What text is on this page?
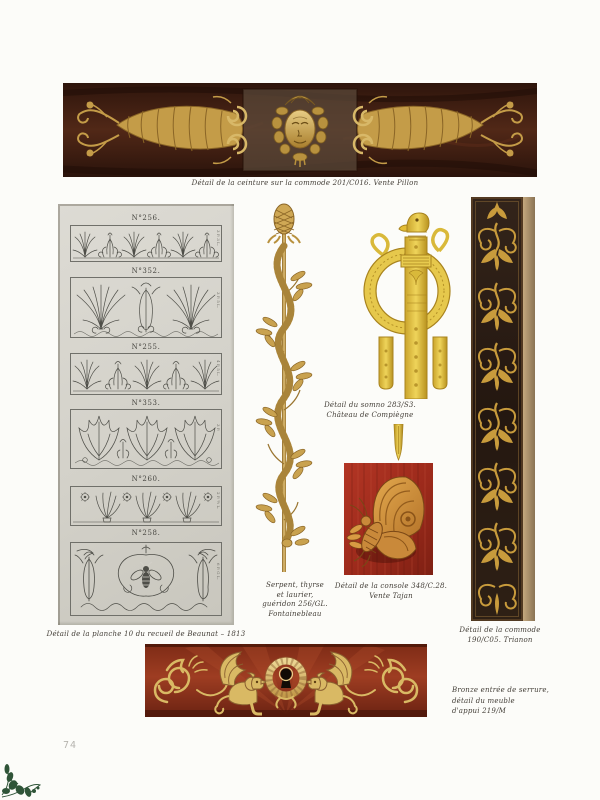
Détail de la ceinture sur la commode 201/C016. Vente Pillon
N°256.
3 P. 3 L.
N°352.
3 P. 5 L.
N°255.
4 P. 5 L.
N°353.
3 P.
N°260.
2 P. ½ L.
N°258.
6 P. G L.
Détail de la planche 10 du recueil de Beaunat – 1813
Serpent, thyrse
et laurier,
guéridon 256/GL.
Fontainebleau
Détail du somno 283/S3.
Château de Compiègne
Détail de la console 348/C.28.
Vente Tajan
Détail de la commode
190/C05. Trianon
Bronze entrée de serrure,
détail du meuble
d'appui 219/M
74
